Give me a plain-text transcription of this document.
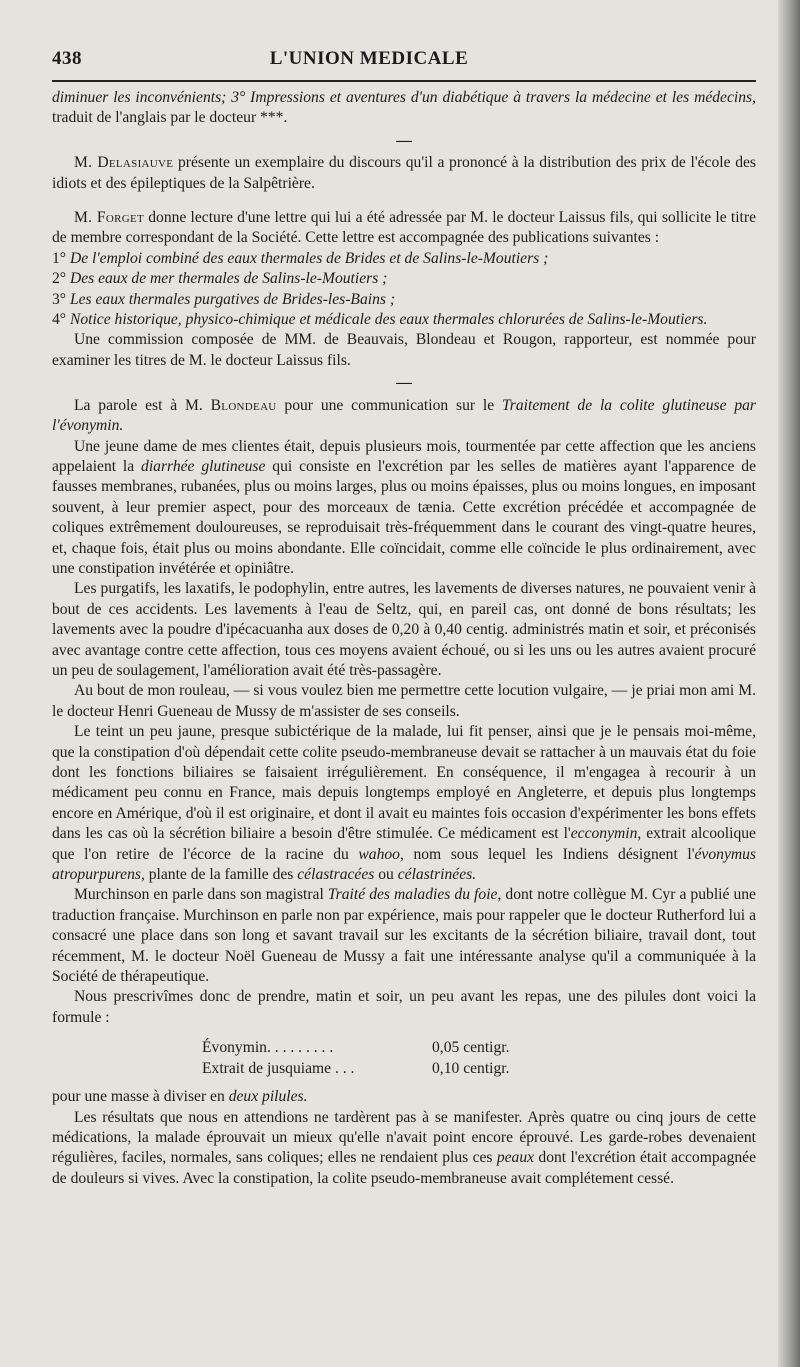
438	L'UNION MEDICALE

diminuer les inconvénients; 3° Impressions et aventures d'un diabétique à travers la médecine et les médecins, traduit de l'anglais par le docteur ***.

—

M. Delasiauve présente un exemplaire du discours qu'il a prononcé à la distribution des prix de l'école des idiots et des épileptiques de la Salpêtrière.

M. Forget donne lecture d'une lettre qui lui a été adressée par M. le docteur Laissus fils, qui sollicite le titre de membre correspondant de la Société. Cette lettre est accompagnée des publications suivantes :

1° De l'emploi combiné des eaux thermales de Brides et de Salins-le-Moutiers ;

2° Des eaux de mer thermales de Salins-le-Moutiers ;

3° Les eaux thermales purgatives de Brides-les-Bains ;

4° Notice historique, physico-chimique et médicale des eaux thermales chlorurées de Salins-le-Moutiers.

Une commission composée de MM. de Beauvais, Blondeau et Rougon, rapporteur, est nommée pour examiner les titres de M. le docteur Laissus fils.

—

La parole est à M. Blondeau pour une communication sur le Traitement de la colite glutineuse par l'évonymin.

Une jeune dame de mes clientes était, depuis plusieurs mois, tourmentée par cette affection que les anciens appelaient la diarrhée glutineuse qui consiste en l'excrétion par les selles de matières ayant l'apparence de fausses membranes, rubanées, plus ou moins larges, plus ou moins épaisses, plus ou moins longues, en imposant souvent, à leur premier aspect, pour des morceaux de tænia. Cette excrétion précédée et accompagnée de coliques extrêmement douloureuses, se reproduisait très-fréquemment dans le courant des vingt-quatre heures, et, chaque fois, était plus ou moins abondante. Elle coïncidait, comme elle coïncide le plus ordinairement, avec une constipation invétérée et opiniâtre.

Les purgatifs, les laxatifs, le podophylin, entre autres, les lavements de diverses natures, ne pouvaient venir à bout de ces accidents. Les lavements à l'eau de Seltz, qui, en pareil cas, ont donné de bons résultats; les lavements avec la poudre d'ipécacuanha aux doses de 0,20 à 0,40 centig. administrés matin et soir, et préconisés avec avantage contre cette affection, tous ces moyens avaient échoué, ou si les uns ou les autres avaient procuré un peu de soulagement, l'amélioration avait été très-passagère.

Au bout de mon rouleau, — si vous voulez bien me permettre cette locution vulgaire, — je priai mon ami M. le docteur Henri Gueneau de Mussy de m'assister de ses conseils.

Le teint un peu jaune, presque subictérique de la malade, lui fit penser, ainsi que je le pensais moi-même, que la constipation d'où dépendait cette colite pseudo-membraneuse devait se rattacher à un mauvais état du foie dont les fonctions biliaires se faisaient irrégulièrement. En conséquence, il m'engagea à recourir à un médicament peu connu en France, mais depuis longtemps employé en Angleterre, et depuis plus longtemps encore en Amérique, d'où il est originaire, et dont il avait eu maintes fois occasion d'expérimenter les bons effets dans les cas où la sécrétion biliaire a besoin d'être stimulée. Ce médicament est l'ecconymin, extrait alcoolique que l'on retire de l'écorce de la racine du wahoo, nom sous lequel les Indiens désignent l'évonymus atropurpurens, plante de la famille des célastracées ou célastrinées.

Murchinson en parle dans son magistral Traité des maladies du foie, dont notre collègue M. Cyr a publié une traduction française. Murchinson en parle non par expérience, mais pour rappeler que le docteur Rutherford lui a consacré une place dans son long et savant travail sur les excitants de la sécrétion biliaire, travail dont, tout récemment, M. le docteur Noël Gueneau de Mussy a fait une intéressante analyse qu'il a communiquée à la Société de thérapeutique.

Nous prescrivîmes donc de prendre, matin et soir, un peu avant les repas, une des pilules dont voici la formule :

Évonymin. . . . . . . . .	0,05 centigr.
Extrait de jusquiame . . .	0,10 centigr.

pour une masse à diviser en deux pilules.

Les résultats que nous en attendions ne tardèrent pas à se manifester. Après quatre ou cinq jours de cette médications, la malade éprouvait un mieux qu'elle n'avait point encore éprouvé. Les garde-robes devenaient régulières, faciles, normales, sans coliques; elles ne rendaient plus ces peaux dont l'excrétion était accompagnée de douleurs si vives. Avec la constipation, la colite pseudo-membraneuse avait complétement cessé.
